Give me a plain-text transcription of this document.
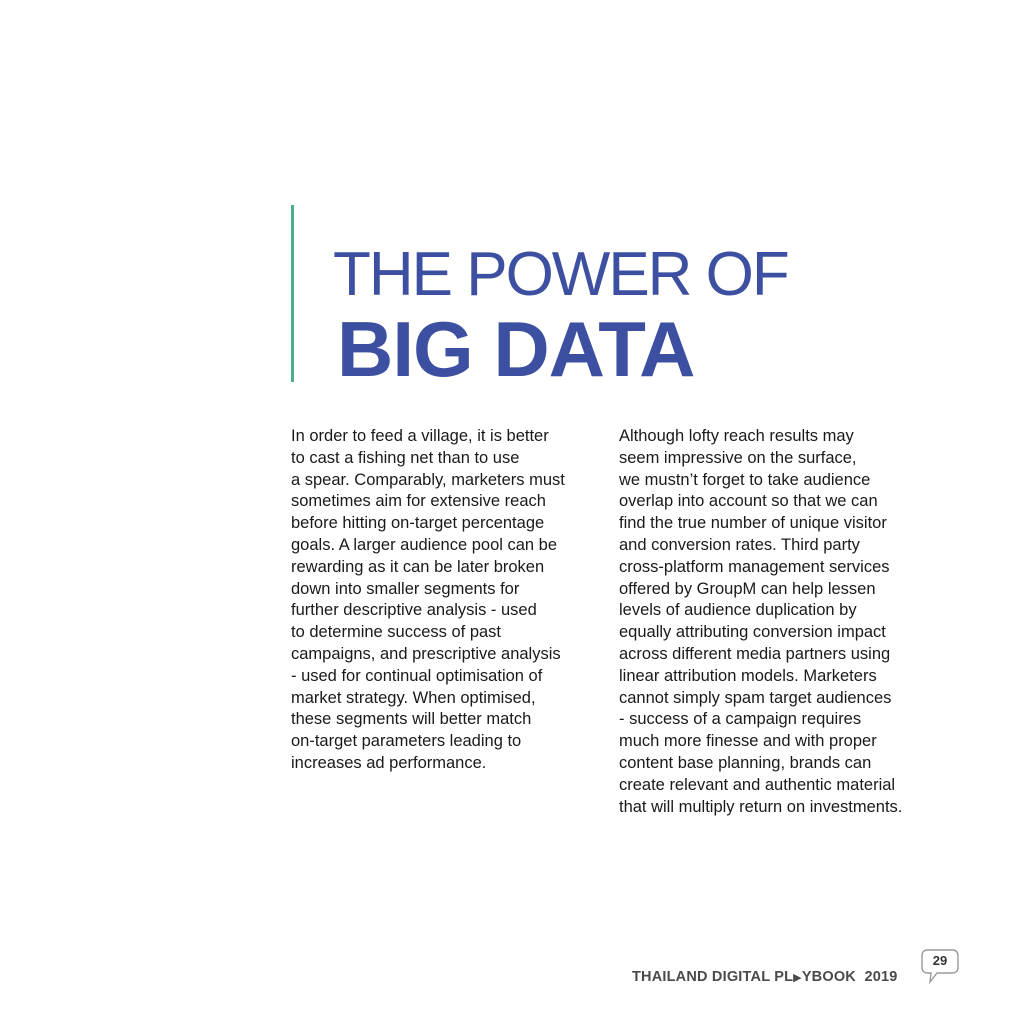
THE POWER OF
BIG DATA
In order to feed a village, it is better
to cast a fishing net than to use
a spear. Comparably, marketers must
sometimes aim for extensive reach
before hitting on-target percentage
goals. A larger audience pool can be
rewarding as it can be later broken
down into smaller segments for
further descriptive analysis - used
to determine success of past
campaigns, and prescriptive analysis
- used for continual optimisation of
market strategy. When optimised,
these segments will better match
on-target parameters leading to
increases ad performance.
Although lofty reach results may
seem impressive on the surface,
we mustn’t forget to take audience
overlap into account so that we can
find the true number of unique visitor
and conversion rates. Third party
cross-platform management services
offered by GroupM can help lessen
levels of audience duplication by
equally attributing conversion impact
across different media partners using
linear attribution models. Marketers
cannot simply spam target audiences
- success of a campaign requires
much more finesse and with proper
content base planning, brands can
create relevant and authentic material
that will multiply return on investments.
THAILAND DIGITAL PL▶YBOOK 2019
29
